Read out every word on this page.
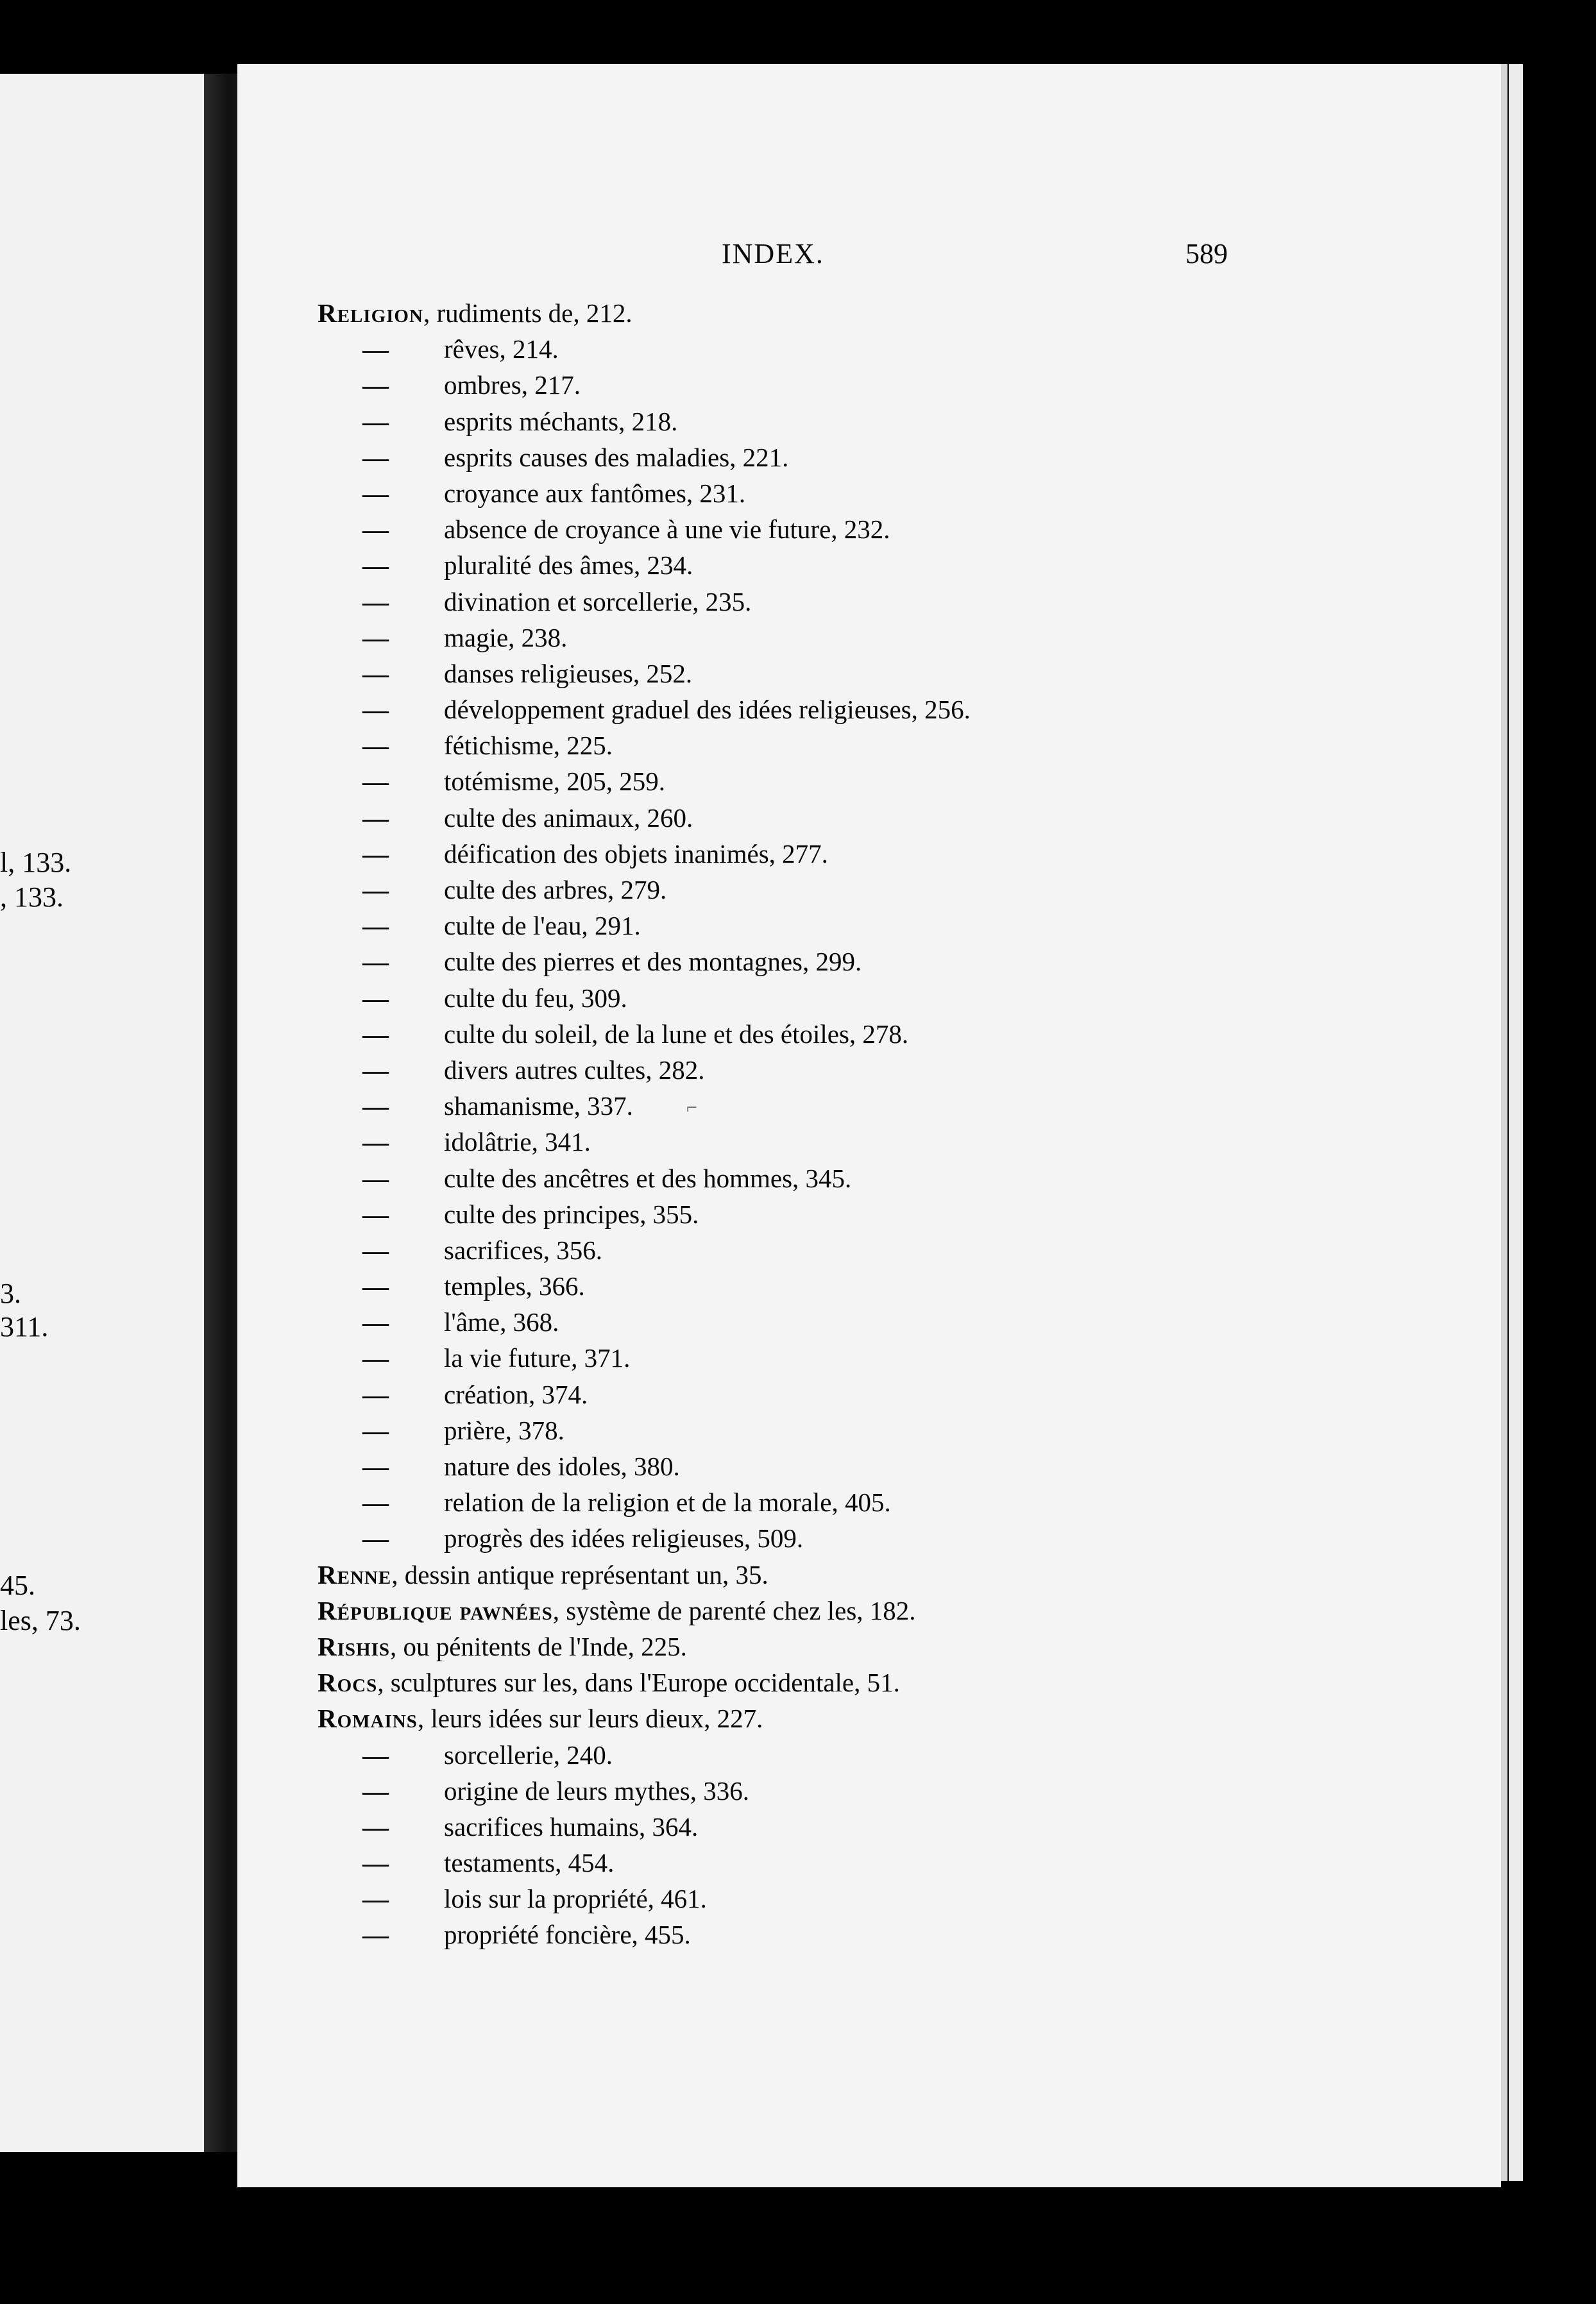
l, 133.
, 133.
3.
311.
45.
les, 73.
INDEX.	589
Religion, rudiments de, 212.
— rêves, 214.
— ombres, 217.
— esprits méchants, 218.
— esprits causes des maladies, 221.
— croyance aux fantômes, 231.
— absence de croyance à une vie future, 232.
— pluralité des âmes, 234.
— divination et sorcellerie, 235.
— magie, 238.
— danses religieuses, 252.
— développement graduel des idées religieuses, 256.
— fétichisme, 225.
— totémisme, 205, 259.
— culte des animaux, 260.
— déification des objets inanimés, 277.
— culte des arbres, 279.
— culte de l'eau, 291.
— culte des pierres et des montagnes, 299.
— culte du feu, 309.
— culte du soleil, de la lune et des étoiles, 278.
— divers autres cultes, 282.
— shamanisme, 337.
— idolâtrie, 341.
— culte des ancêtres et des hommes, 345.
— culte des principes, 355.
— sacrifices, 356.
— temples, 366.
— l'âme, 368.
— la vie future, 371.
— création, 374.
— prière, 378.
— nature des idoles, 380.
— relation de la religion et de la morale, 405.
— progrès des idées religieuses, 509.
Renne, dessin antique représentant un, 35.
République pawnées, système de parenté chez les, 182.
Rishis, ou pénitents de l'Inde, 225.
Rocs, sculptures sur les, dans l'Europe occidentale, 51.
Romains, leurs idées sur leurs dieux, 227.
— sorcellerie, 240.
— origine de leurs mythes, 336.
— sacrifices humains, 364.
— testaments, 454.
— lois sur la propriété, 461.
— propriété foncière, 455.
⌐
